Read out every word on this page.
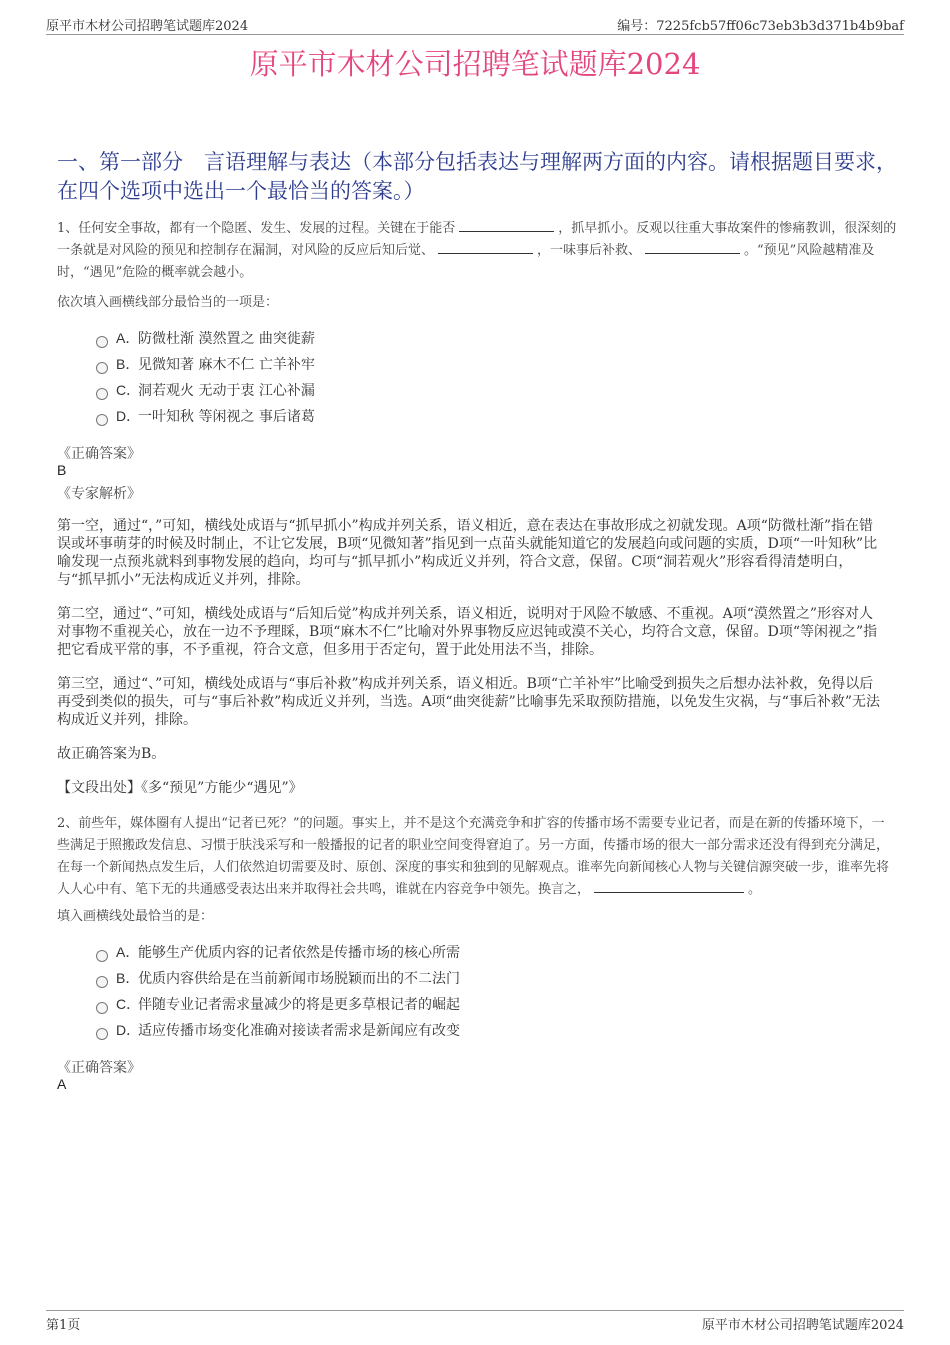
原平市木材公司招聘笔试题库2024	编号：7225fcb57ff06c73eb3b3d371b4b9baf
原平市木材公司招聘笔试题库2024
一、第一部分　言语理解与表达（本部分包括表达与理解两方面的内容。请根据题目要求，在四个选项中选出一个最恰当的答案。）
1、任何安全事故，都有一个隐匿、发生、发展的过程。关键在于能否	，抓早抓小。反观以往重大事故案件的惨痛教训，很深刻的一条就是对风险的预见和控制存在漏洞，对风险的反应后知后觉、	，一味事后补救、	。“预见”风险越精准及时，“遇见”危险的概率就会越小。
依次填入画横线部分最恰当的一项是：
A．防微杜渐 漠然置之 曲突徙薪
B．见微知著 麻木不仁 亡羊补牢
C．洞若观火 无动于衷 江心补漏
D．一叶知秋 等闲视之 事后诸葛
《正确答案》
B
《专家解析》
第一空，通过“，”可知，横线处成语与“抓早抓小”构成并列关系，语义相近，意在表达在事故形成之初就发现。A项“防微杜渐”指在错误或坏事萌芽的时候及时制止，不让它发展，B项“见微知著”指见到一点苗头就能知道它的发展趋向或问题的实质，D项“一叶知秋”比喻发现一点预兆就料到事物发展的趋向，均可与“抓早抓小”构成近义并列，符合文意，保留。C项“洞若观火”形容看得清楚明白，与“抓早抓小”无法构成近义并列，排除。
第二空，通过“、”可知，横线处成语与“后知后觉”构成并列关系，语义相近，说明对于风险不敏感、不重视。A项“漠然置之”形容对人对事物不重视关心，放在一边不予理睬，B项“麻木不仁”比喻对外界事物反应迟钝或漠不关心，均符合文意，保留。D项“等闲视之”指把它看成平常的事，不予重视，符合文意，但多用于否定句，置于此处用法不当，排除。
第三空，通过“、”可知，横线处成语与“事后补救”构成并列关系，语义相近。B项“亡羊补牢”比喻受到损失之后想办法补救，免得以后再受到类似的损失，可与“事后补救”构成近义并列，当选。A项“曲突徙薪”比喻事先采取预防措施，以免发生灾祸，与“事后补救”无法构成近义并列，排除。
故正确答案为B。
【文段出处】《多“预见”方能少“遇见”》
2、前些年，媒体圈有人提出“记者已死？”的问题。事实上，并不是这个充满竞争和扩容的传播市场不需要专业记者，而是在新的传播环境下，一些满足于照搬政发信息、习惯于肤浅采写和一般播报的记者的职业空间变得窘迫了。另一方面，传播市场的很大一部分需求还没有得到充分满足，在每一个新闻热点发生后，人们依然迫切需要及时、原创、深度的事实和独到的见解观点。谁率先向新闻核心人物与关键信源突破一步，谁率先将人人心中有、笔下无的共通感受表达出来并取得社会共鸣，谁就在内容竞争中领先。换言之，	。
填入画横线处最恰当的是：
A．能够生产优质内容的记者依然是传播市场的核心所需
B．优质内容供给是在当前新闻市场脱颖而出的不二法门
C．伴随专业记者需求量减少的将是更多草根记者的崛起
D．适应传播市场变化准确对接读者需求是新闻应有改变
《正确答案》
A
第1页	原平市木材公司招聘笔试题库2024
